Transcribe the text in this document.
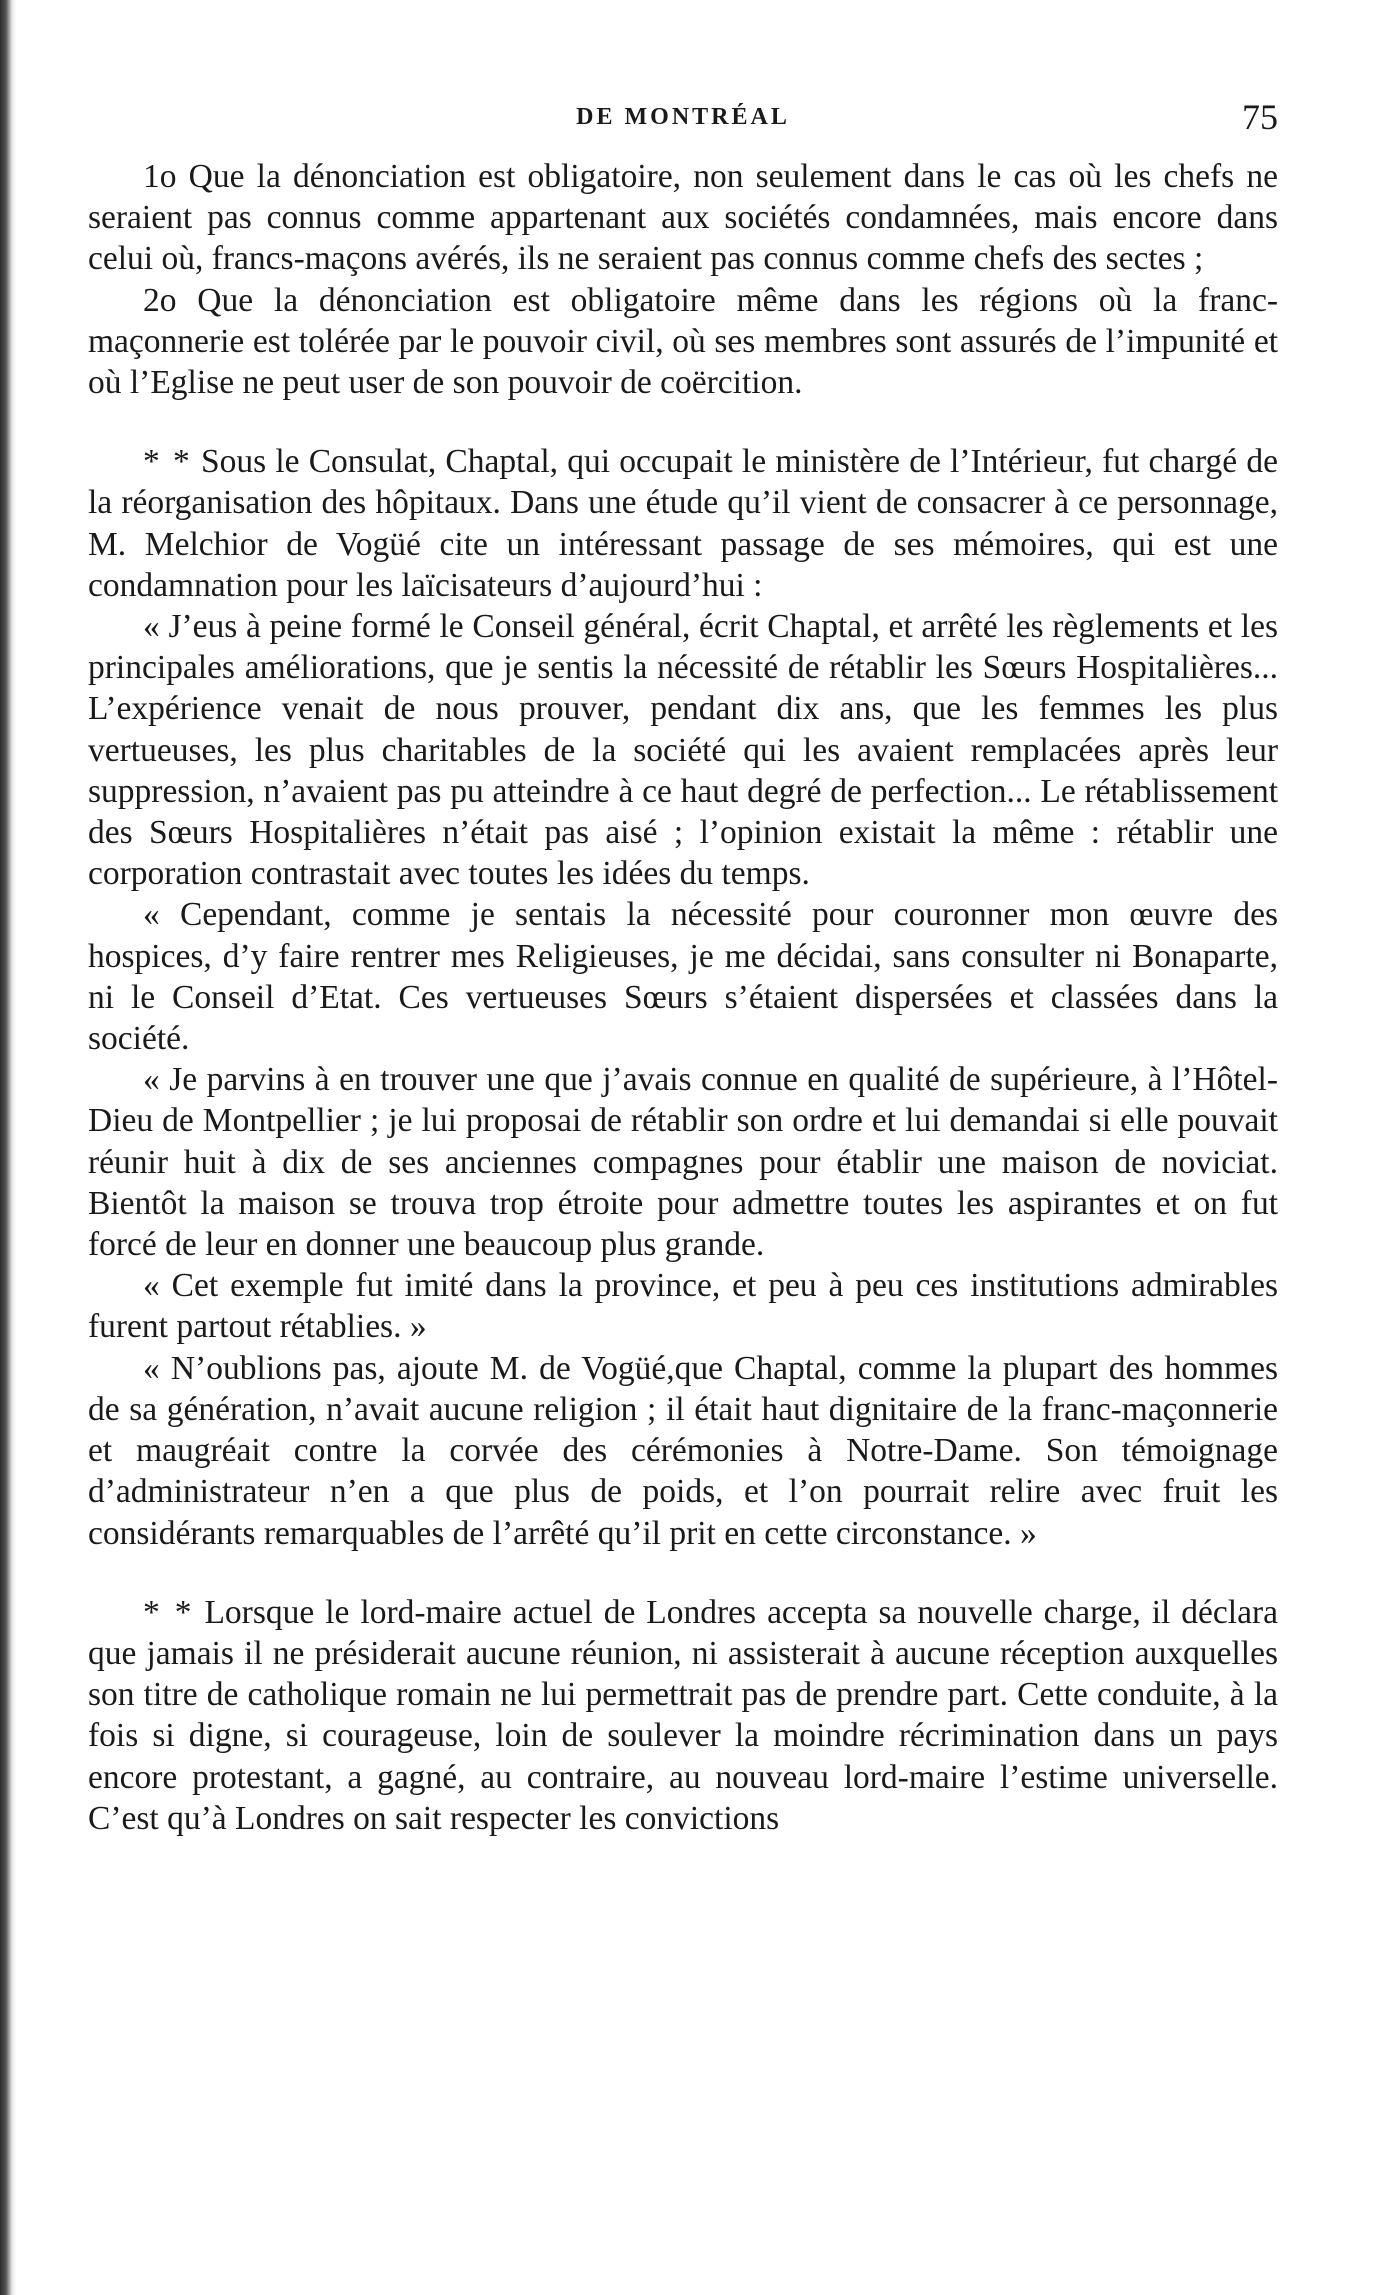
DE MONTRÉAL	75

1o Que la dénonciation est obligatoire, non seulement dans le cas où les chefs ne seraient pas connus comme appartenant aux sociétés condamnées, mais encore dans celui où, francs-maçons avérés, ils ne seraient pas connus comme chefs des sectes ;

2o Que la dénonciation est obligatoire même dans les régions où la franc-maçonnerie est tolérée par le pouvoir civil, où ses membres sont assurés de l’impunité et où l’Eglise ne peut user de son pouvoir de coërcition.

* * Sous le Consulat, Chaptal, qui occupait le ministère de l’Intérieur, fut chargé de la réorganisation des hôpitaux. Dans une étude qu’il vient de consacrer à ce personnage, M. Melchior de Vogüé cite un intéressant passage de ses mémoires, qui est une condamnation pour les laïcisateurs d’aujourd’hui :

« J’eus à peine formé le Conseil général, écrit Chaptal, et arrêté les règlements et les principales améliorations, que je sentis la nécessité de rétablir les Sœurs Hospitalières... L’expérience venait de nous prouver, pendant dix ans, que les femmes les plus vertueuses, les plus charitables de la société qui les avaient remplacées après leur suppression, n’avaient pas pu atteindre à ce haut degré de perfection... Le rétablissement des Sœurs Hospitalières n’était pas aisé ; l’opinion existait la même : rétablir une corporation contrastait avec toutes les idées du temps.

« Cependant, comme je sentais la nécessité pour couronner mon œuvre des hospices, d’y faire rentrer mes Religieuses, je me décidai, sans consulter ni Bonaparte, ni le Conseil d’Etat. Ces vertueuses Sœurs s’étaient dispersées et classées dans la société.

« Je parvins à en trouver une que j’avais connue en qualité de supérieure, à l’Hôtel-Dieu de Montpellier ; je lui proposai de rétablir son ordre et lui demandai si elle pouvait réunir huit à dix de ses anciennes compagnes pour établir une maison de noviciat. Bientôt la maison se trouva trop étroite pour admettre toutes les aspirantes et on fut forcé de leur en donner une beaucoup plus grande.

« Cet exemple fut imité dans la province, et peu à peu ces institutions admirables furent partout rétablies. »

« N’oublions pas, ajoute M. de Vogüé,que Chaptal, comme la plupart des hommes de sa génération, n’avait aucune religion ; il était haut dignitaire de la franc-maçonnerie et maugréait contre la corvée des cérémonies à Notre-Dame. Son témoignage d’administrateur n’en a que plus de poids, et l’on pourrait relire avec fruit les considérants remarquables de l’arrêté qu’il prit en cette circonstance. »

* * Lorsque le lord-maire actuel de Londres accepta sa nouvelle charge, il déclara que jamais il ne présiderait aucune réunion, ni assisterait à aucune réception auxquelles son titre de catholique romain ne lui permettrait pas de prendre part. Cette conduite, à la fois si digne, si courageuse, loin de soulever la moindre récrimination dans un pays encore protestant, a gagné, au contraire, au nouveau lord-maire l’estime universelle. C’est qu’à Londres on sait respecter les convictions
